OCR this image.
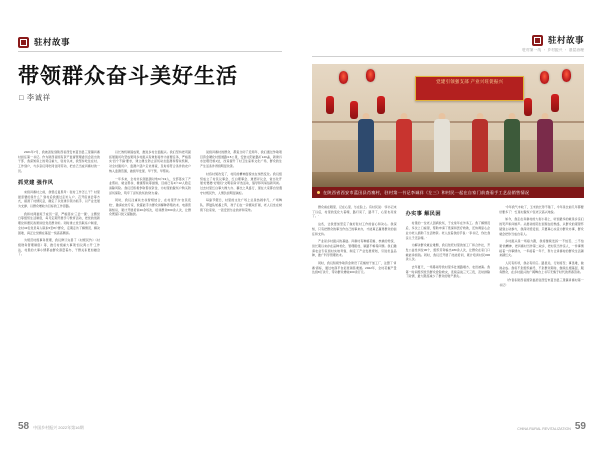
驻村故事
带领群众奋斗美好生活
□ 李诚祥

2021年7月，我被派驻到陕西省西安市蓝田县三里镇肖寨村担任第一书记。作为陕西省国有资产监督管理委员会派出的干部，我深知肩上的责任重大，驻村以来，我坚持吃住在村、工作到户，与乡亲们同吃同住同劳动，把自己当成肖寨村的一员。

抓党建 强作风

来到肖寨村之前，我曾反复思考：驻村工作怎么干？村里最需要的是什么？到村后我通过走访入户、召开座谈会等方式，摸清了村情民意，确定了以党建引领为抓手、以产业发展为支撑、以群众增收为目标的工作思路。

我和村两委班子成员一起，严格落实'三会一课'、主题党日等组织生活制度，每月定期开展学习教育活动，把党的创新理论和惠民政策讲给党员群众听。同时建立党员联系户制度，全村43名党员每人联系5至8户群众，定期走访了解情况、解决困难，真正让党旗在基层一线高高飘扬。

为规范村级事务管理，我们修订完善了《村规民约》《村级财务管理制度》等，推行村级重大事项'四议两公开'工作法，村里的大事小情都由群众商量着办，干群关系更加融洽了。

以长效机制固成果，推进乡村全面振兴。我们坚持把巩固拓展脱贫攻坚成果同乡村振兴有效衔接作为首要任务，严格落实'四个不摘'要求，建立健全防止返贫动态监测和帮扶机制，对全村脱贫户、监测户逐户走访排查，及时将符合条件的农户纳入监测范围，做到早发现、早干预、早帮扶。

一年多来，全村共识别监测对象6户19人，全部落实了产业帮扶、就业帮扶、健康帮扶等措施，目前已有4户12人稳定消除风险。我们还积极争取帮扶资金，为村里的脱贫户购买防返贫保险，筑牢了返贫致贫的'防火墙'。

同时，我们注重扶志扶智相结合，在村里开办'农民夜校'，邀请农技专家、致富能手为群众讲解种养殖技术、电商营销知识，累计开展培训20余场次，培训群众600余人次，让群众既富口袋又富脑袋。

说到肖寨村的群众，都爱念叨了近两年，我们通过争取项目资金硬化村组道路3.5公里，安装太阳能路灯120盏，新建污水处理设施1处，改造提升了村卫生室和文化广场，群众的生产生活条件得到明显改善。

村容村貌改变了，村民的精神面貌也在悄然变化。我们组织成立了村民议事会、红白理事会、道德评议会，常态化开展'好婆婆''好媳妇''文明家庭'评选活动，倡导移风易俗新风尚。过去村里红白事大操大办、攀比之风盛行，现在大家都自觉遵守村规民约，人情负担明显减轻。

每逢节假日，村里的文化广场上总是热闹非凡，广场舞队、锣鼓队轮番上阵，孩子们在一旁嬉戏打闹，老人们坐在树荫下拉家常，一派安居乐业的祥和景象。

58 中国乡村振兴 2022年第16期
驻村故事
驻村第一线 ・ 乡村振兴 ・ 基层治理
党建引领强支部 产业兴旺促振兴
在陕西省西安市蓝田县肖寨村，驻村第一书记李诚祥（左三）和村民一起在自家门前查看手工艺品销售情况

群众看在眼里、记在心里、乐在脸上。有村民说：'李书记来了以后，村里的变化大着哩，路灯亮了，路平了，心里也亮堂了。'

这些，让我更加坚定了做好驻村工作的信心和决心。我深知，只有把群众的事当作自己的事来办，才能真正赢得群众的信任和支持。

产业是乡村振兴的基础。肖寨村有种植花椒、核桃的传统，但长期以来存在品种老化、管理粗放、销路不畅等问题。我们邀请农业专家到村实地考察，制定了产业发展规划，引进优良品种，推广科学管理技术。

同时，我们积极争取资金建设了花椒烘干加工厂，注册了'肖寨'商标，通过电商平台拓宽销售渠道。2022年，全村花椒产量达到8万余斤，带动群众增收200余万元。

办实事 解民困

村里的一位老人因病致贫，子女常年在外务工。我了解情况后，多次上门看望，帮助申请了低保和医疗救助，还协调爱心企业为老人捐助了生活物资。老人拉着我的手说：'李书记，你比我亲儿子还亲哩。'

为解决群众就业难题，我们依托村里的加工厂和合作社，开发公益性岗位30个，组织劳务输出180余人次，让群众在家门口就能挣到钱。同时，我们还开展了技能培训，累计培训村民300余人次。

去年夏天，一场暴雨导致村里多处道路塌方、农田被淹。我第一时间组织党员群众抢险救灾，连续奋战三天三夜，及时排除了险情，最大限度减少了群众的财产损失。

'今年我气丰收了，玉米的长势不错了，今年是比前几年都要好要多了！'红星村脱贫户张老汉高兴地说。

如今，我走在肖寨村的大街小巷上，听到最多的就是乡亲们的笑声和问候声。从最初的陌生到现在的熟络，从群众的观望怀疑到主动参与，我深切感受到，只要真心实意为群众办事，群众就会把你当成自家人。

乡村振兴是一场接力跑，我将继续发扬'一不怕苦、二不怕累'的精神，把肖寨村当作第二故乡，把村民当作亲人，一件事情接着一件事情办，一年接着一年干，努力让肖寨村的群众生活越来越红火。

人民有所呼，我必有所应。路虽远，行则将至；事虽难，做则必成。我将不负组织重托、不负群众期待，继续扎根基层、服务群众，在乡村振兴的广阔舞台上书写无愧于时代的青春答卷。

（作者系陕西省国资委派驻西安市蓝田县三里镇肖寨村第一书记）

CHINA RURAL REVITALIZATION 59
